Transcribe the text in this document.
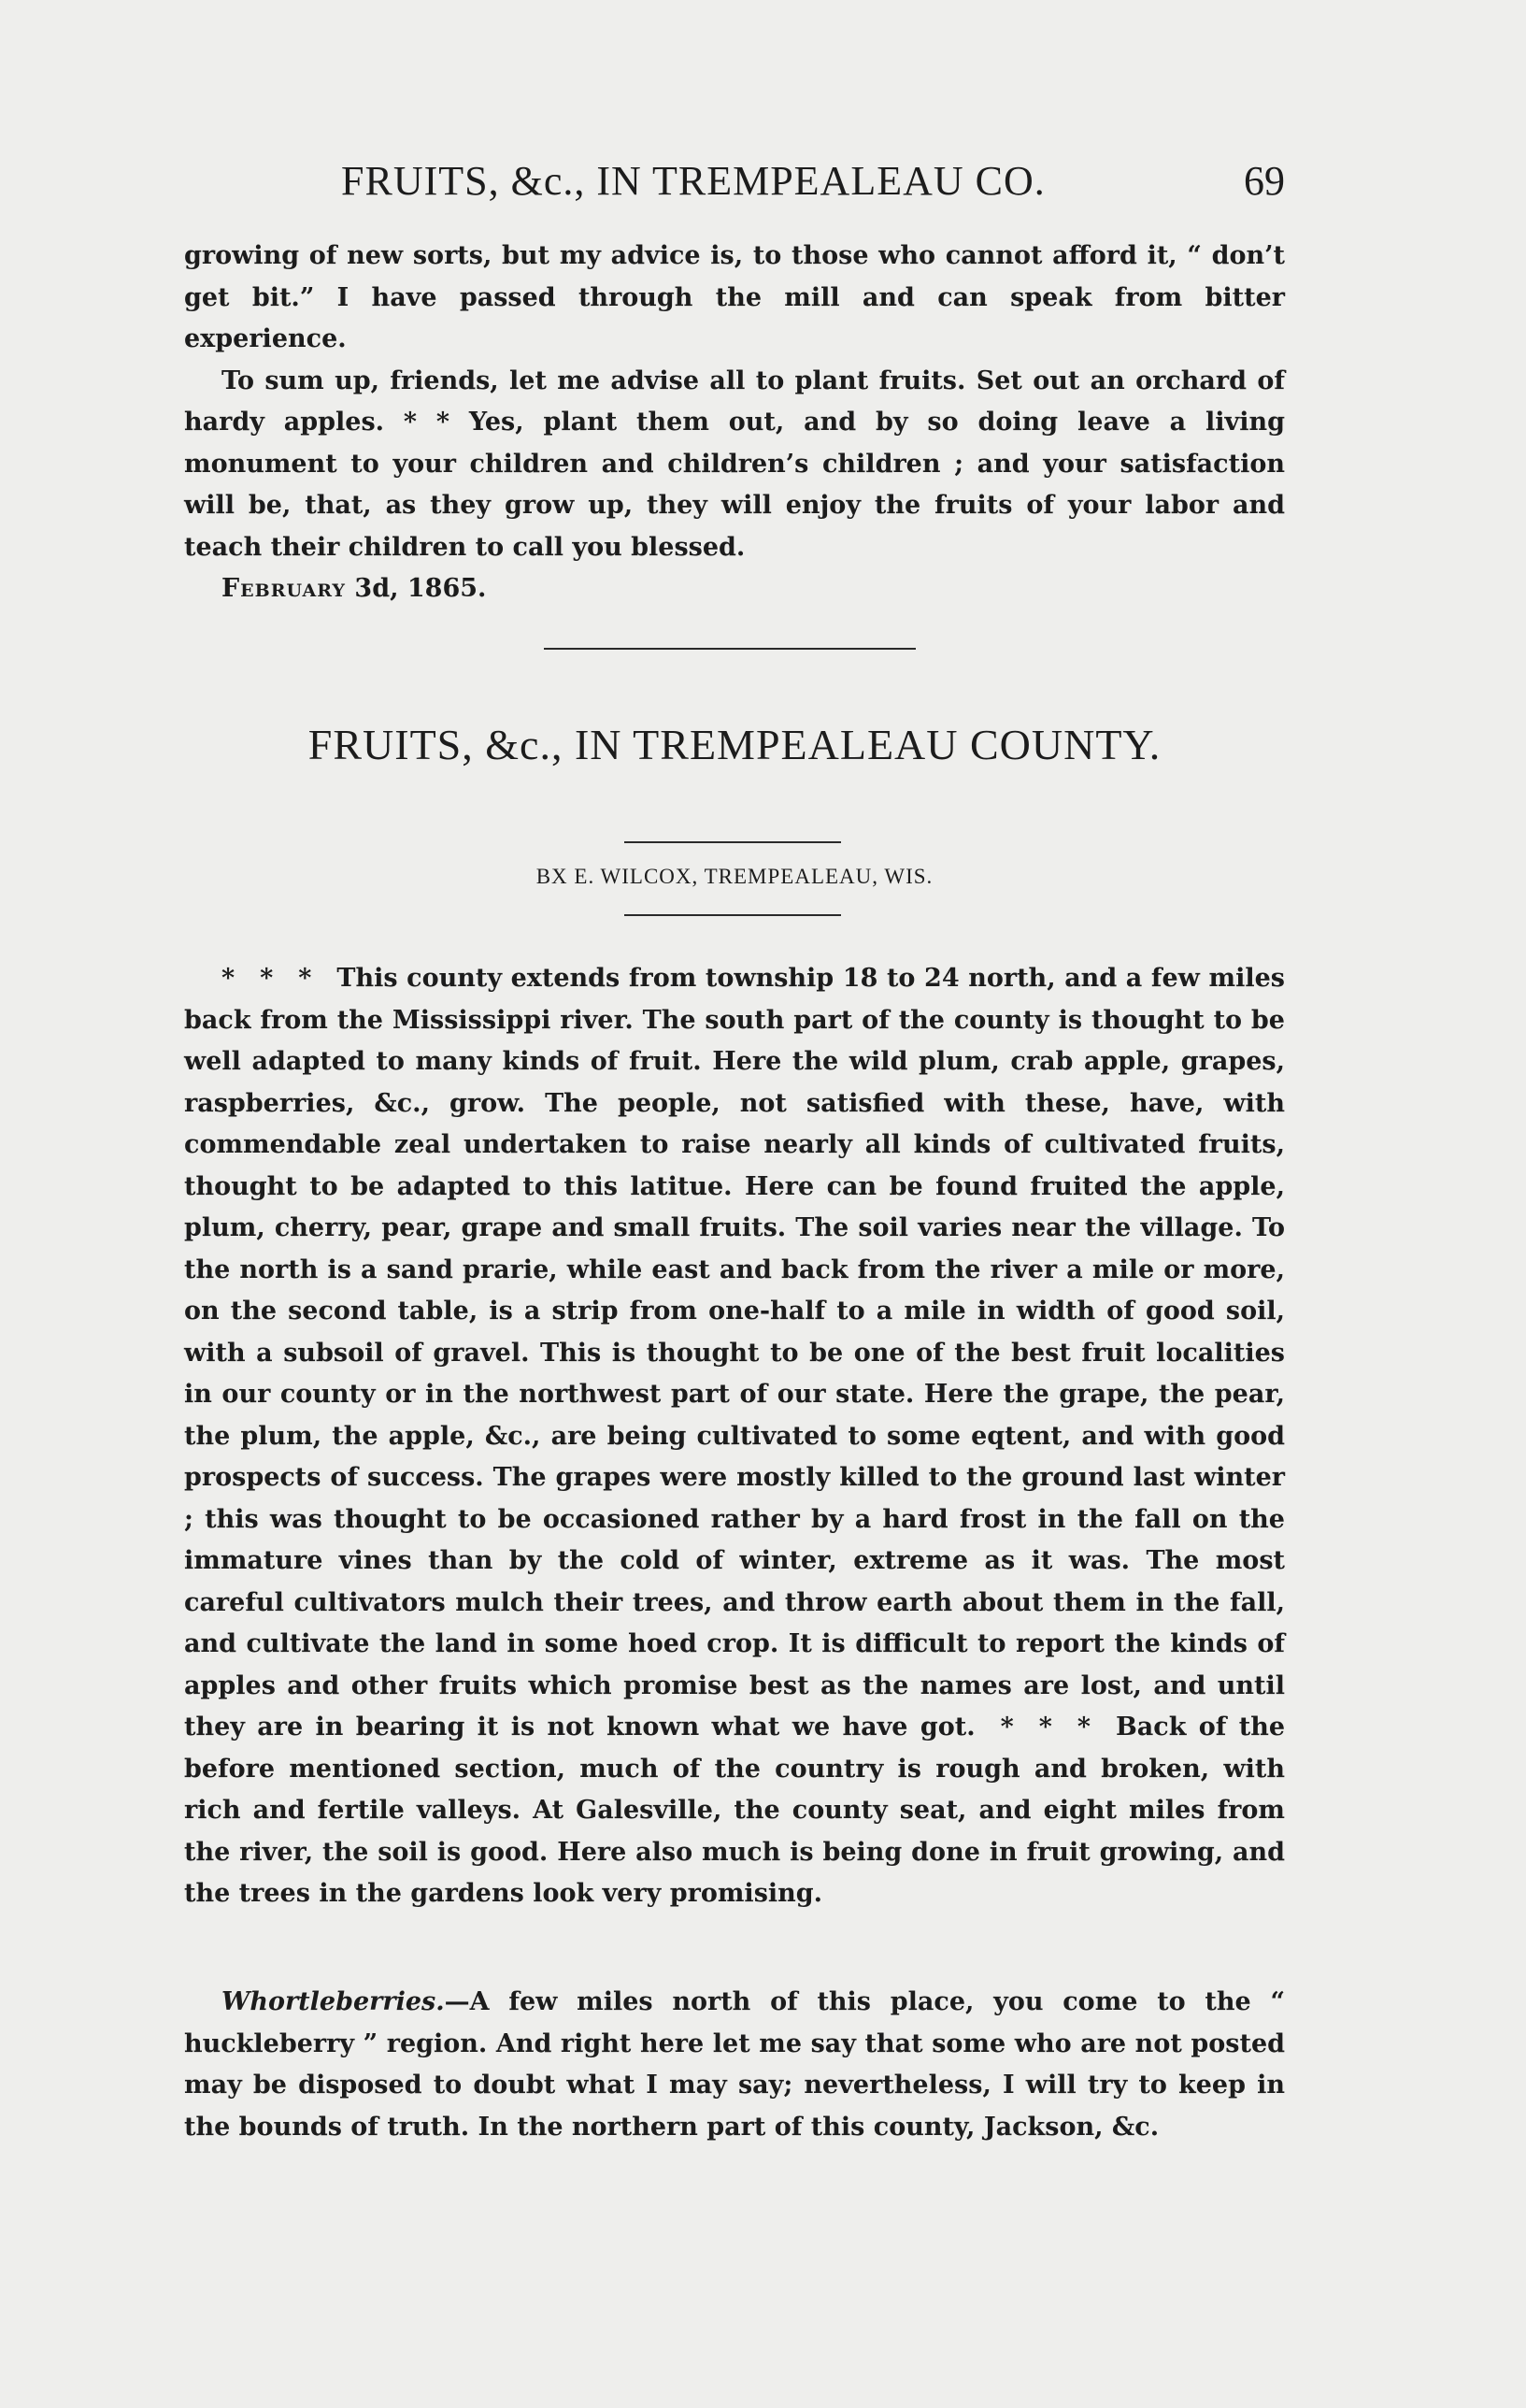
FRUITS, &c., IN TREMPEALEAU CO.	69

growing of new sorts, but my advice is, to those who cannot afford it, “ don’t get bit.” I have passed through the mill and can speak from bitter experience.

To sum up, friends, let me advise all to plant fruits. Set out an orchard of hardy apples. * * Yes, plant them out, and by so doing leave a living monument to your children and children’s children ; and your satisfaction will be, that, as they grow up, they will enjoy the fruits of your labor and teach their children to call you blessed.

February 3d, 1865.

FRUITS, &c., IN TREMPEALEAU COUNTY.
BX E. WILCOX, TREMPEALEAU, WIS.

*  *  *  This county extends from township 18 to 24 north, and a few miles back from the Mississippi river. The south part of the county is thought to be well adapted to many kinds of fruit. Here the wild plum, crab apple, grapes, raspberries, &c., grow. The people, not satisfied with these, have, with commendable zeal undertaken to raise nearly all kinds of cultivated fruits, thought to be adapted to this latitue. Here can be found fruited the apple, plum, cherry, pear, grape and small fruits. The soil varies near the village. To the north is a sand prarie, while east and back from the river a mile or more, on the second table, is a strip from one-half to a mile in width of good soil, with a subsoil of gravel. This is thought to be one of the best fruit localities in our county or in the northwest part of our state. Here the grape, the pear, the plum, the apple, &c., are being cultivated to some eqtent, and with good prospects of success. The grapes were mostly killed to the ground last winter ; this was thought to be occasioned rather by a hard frost in the fall on the immature vines than by the cold of winter, extreme as it was. The most careful cultivators mulch their trees, and throw earth about them in the fall, and cultivate the land in some hoed crop. It is difficult to report the kinds of apples and other fruits which promise best as the names are lost, and until they are in bearing it is not known what we have got.  *  *  *  Back of the before mentioned section, much of the country is rough and broken, with rich and fertile valleys. At Galesville, the county seat, and eight miles from the river, the soil is good. Here also much is being done in fruit growing, and the trees in the gardens look very promising.

Whortleberries.—A few miles north of this place, you come to the “ huckleberry ” region. And right here let me say that some who are not posted may be disposed to doubt what I may say; nevertheless, I will try to keep in the bounds of truth. In the northern part of this county, Jackson, &c.
